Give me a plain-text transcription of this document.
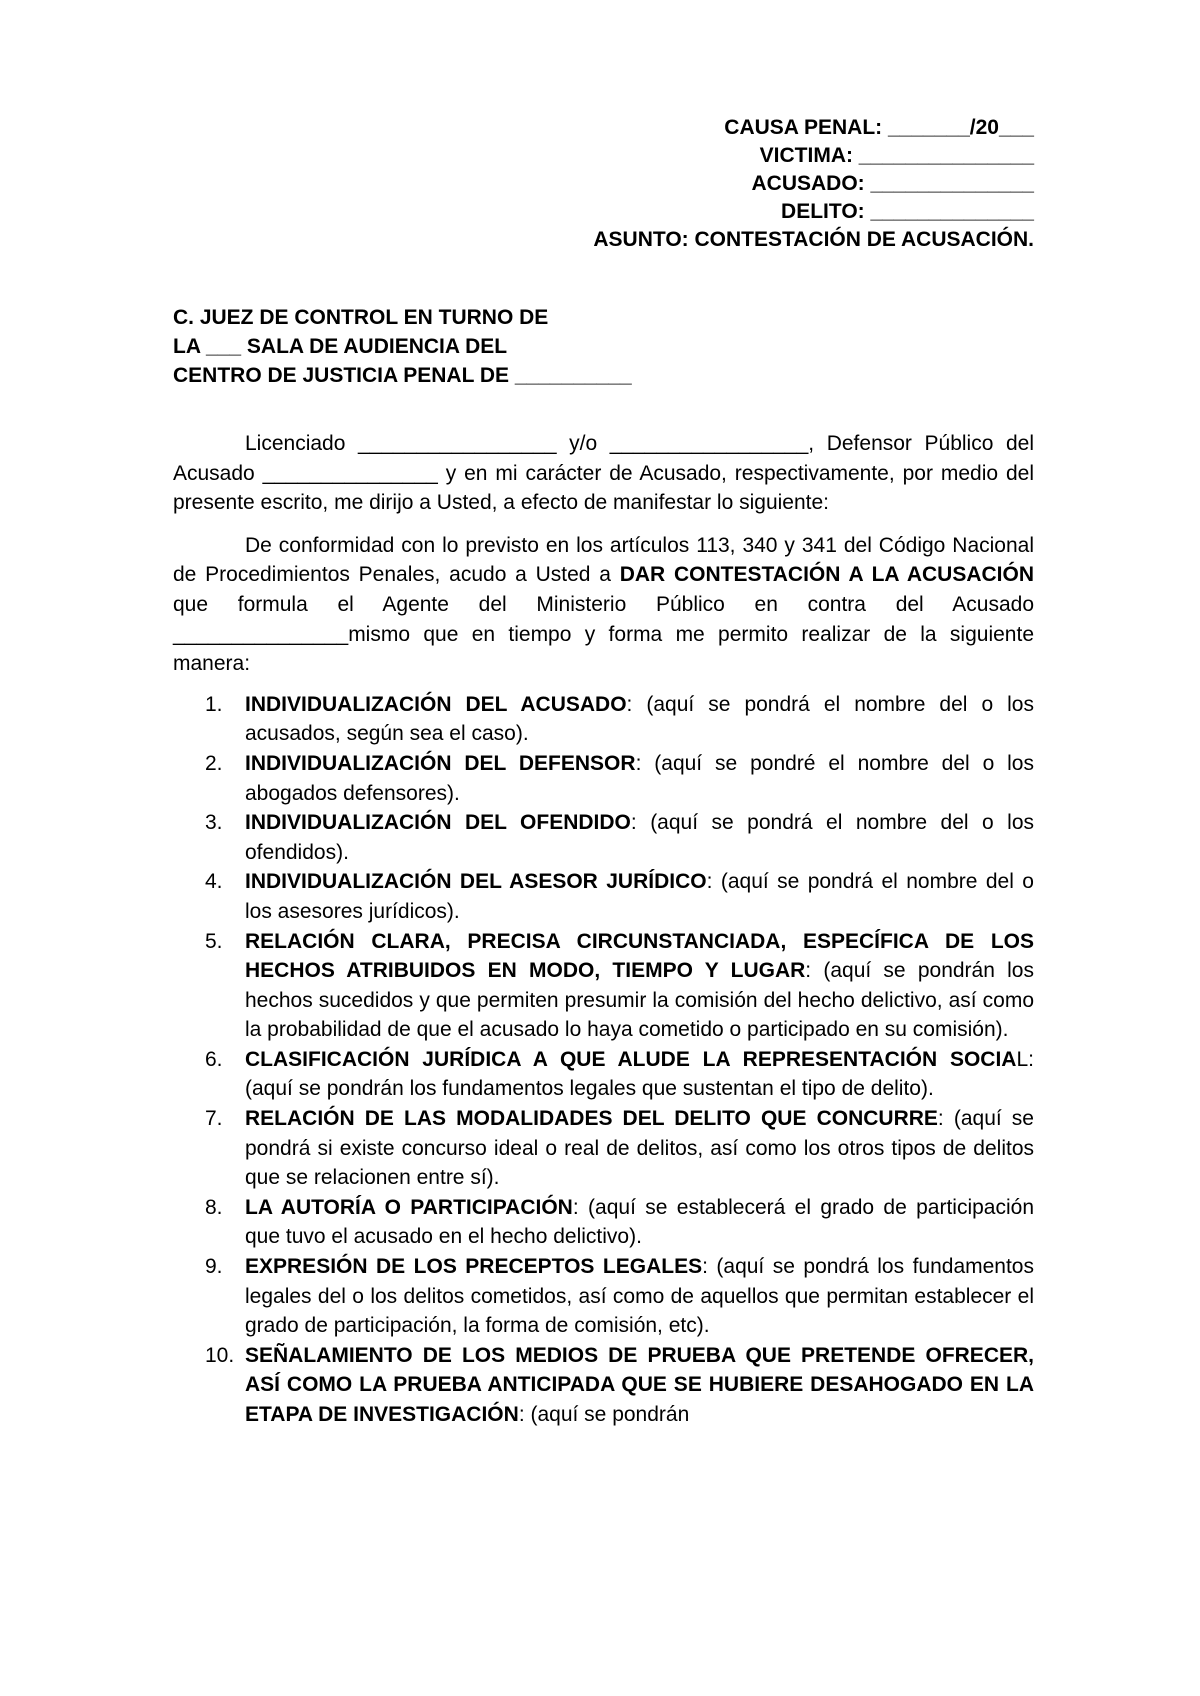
CAUSA PENAL: _______/20___
VICTIMA: _______________
ACUSADO: ______________
DELITO: ______________
ASUNTO: CONTESTACIÓN DE ACUSACIÓN.
C. JUEZ DE CONTROL EN TURNO DE
LA ___ SALA DE AUDIENCIA DEL
CENTRO DE JUSTICIA PENAL DE __________

Licenciado _________________ y/o _________________, Defensor Público del Acusado _______________ y en mi carácter de Acusado, respectivamente, por medio del presente escrito, me dirijo a Usted, a efecto de manifestar lo siguiente:

De conformidad con lo previsto en los artículos 113, 340 y 341 del Código Nacional de Procedimientos Penales, acudo a Usted a DAR CONTESTACIÓN A LA ACUSACIÓN que formula el Agente del Ministerio Público en contra del Acusado _______________mismo que en tiempo y forma me permito realizar de la siguiente manera:

1.	INDIVIDUALIZACIÓN DEL ACUSADO: (aquí se pondrá el nombre del o los acusados, según sea el caso).
2.	INDIVIDUALIZACIÓN DEL DEFENSOR: (aquí se pondré el nombre del o los abogados defensores).
3.	INDIVIDUALIZACIÓN DEL OFENDIDO: (aquí se pondrá el nombre del o los ofendidos).
4.	INDIVIDUALIZACIÓN DEL ASESOR JURÍDICO: (aquí se pondrá el nombre del o los asesores jurídicos).
5.	RELACIÓN CLARA, PRECISA CIRCUNSTANCIADA, ESPECÍFICA DE LOS HECHOS ATRIBUIDOS EN MODO, TIEMPO Y LUGAR: (aquí se pondrán los hechos sucedidos y que permiten presumir la comisión del hecho delictivo, así como la probabilidad de que el acusado lo haya cometido o participado en su comisión).
6.	CLASIFICACIÓN JURÍDICA A QUE ALUDE LA REPRESENTACIÓN SOCIAL: (aquí se pondrán los fundamentos legales que sustentan el tipo de delito).
7.	RELACIÓN DE LAS MODALIDADES DEL DELITO QUE CONCURRE: (aquí se pondrá si existe concurso ideal o real de delitos, así como los otros tipos de delitos que se relacionen entre sí).
8.	LA AUTORÍA O PARTICIPACIÓN: (aquí se establecerá el grado de participación que tuvo el acusado en el hecho delictivo).
9.	EXPRESIÓN DE LOS PRECEPTOS LEGALES: (aquí se pondrá los fundamentos legales del o los delitos cometidos, así como de aquellos que permitan establecer el grado de participación, la forma de comisión, etc).
10. SEÑALAMIENTO DE LOS MEDIOS DE PRUEBA QUE PRETENDE OFRECER, ASÍ COMO LA PRUEBA ANTICIPADA QUE SE HUBIERE DESAHOGADO EN LA ETAPA DE INVESTIGACIÓN: (aquí se pondrán
